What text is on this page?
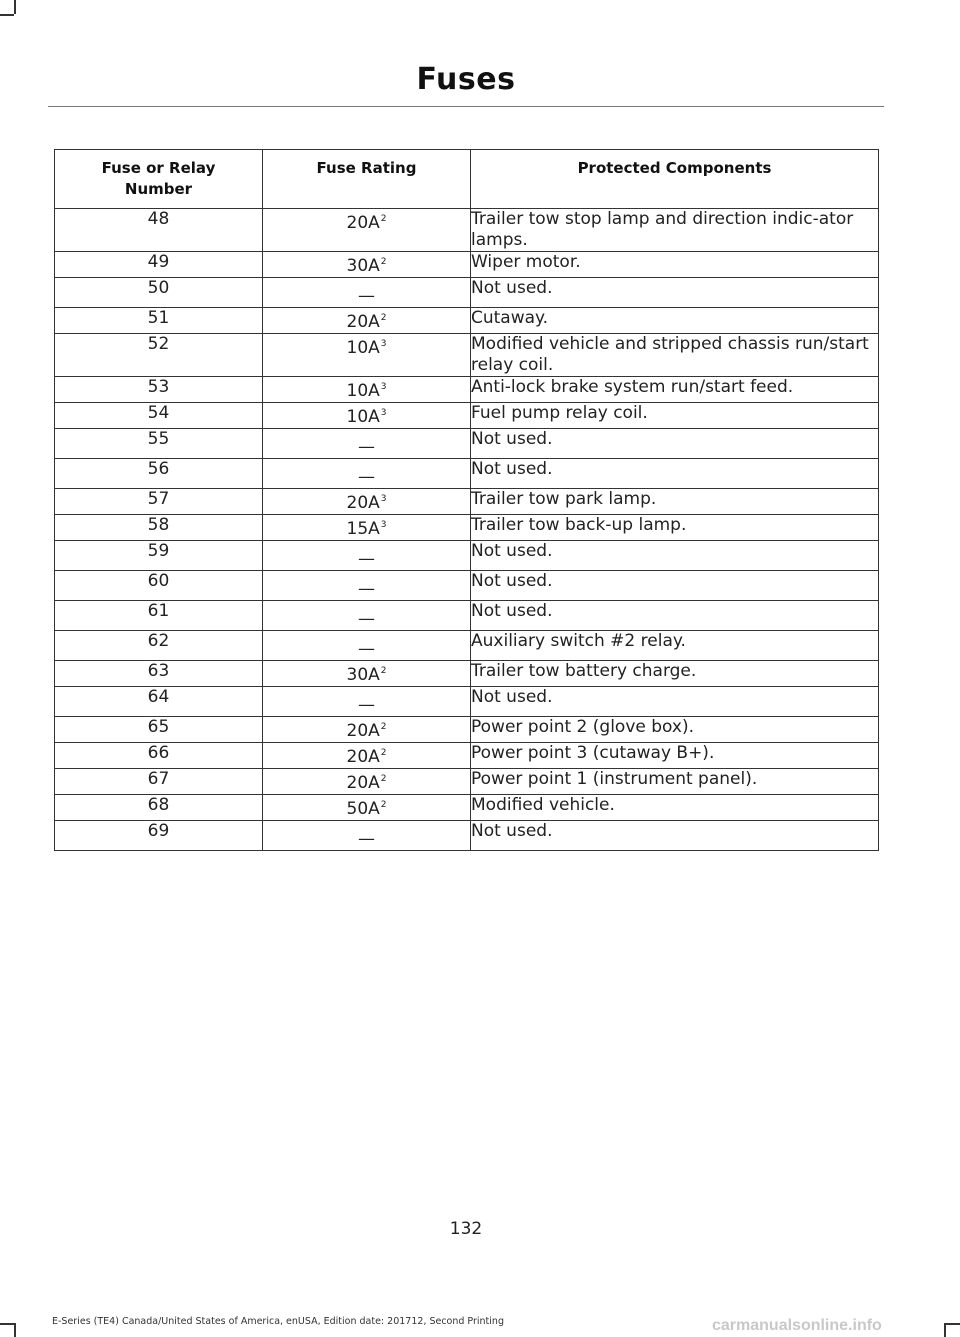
Fuses
Fuse or Relay Number	Fuse Rating	Protected Components
48	$20A^2$	Trailer tow stop lamp and direction indic-ator lamps.
49	$30A^2$	Wiper motor.
50	—	Not used.
51	$20A^2$	Cutaway.
52	$10A^3$	Modified vehicle and stripped chassis run/start relay coil.
53	$10A^3$	Anti-lock brake system run/start feed.
54	$10A^3$	Fuel pump relay coil.
55	—	Not used.
56	—	Not used.
57	$20A^3$	Trailer tow park lamp.
58	$15A^3$	Trailer tow back-up lamp.
59	—	Not used.
60	—	Not used.
61	—	Not used.
62	—	Auxiliary switch #2 relay.
63	$30A^2$	Trailer tow battery charge.
64	—	Not used.
65	$20A^2$	Power point 2 (glove box).
66	$20A^2$	Power point 3 (cutaway B+).
67	$20A^2$	Power point 1 (instrument panel).
68	$50A^2$	Modified vehicle.
69	—	Not used.
132
E-Series (TE4) Canada/United States of America, enUSA, Edition date: 201712, Second Printing	carmanualsonline.info
